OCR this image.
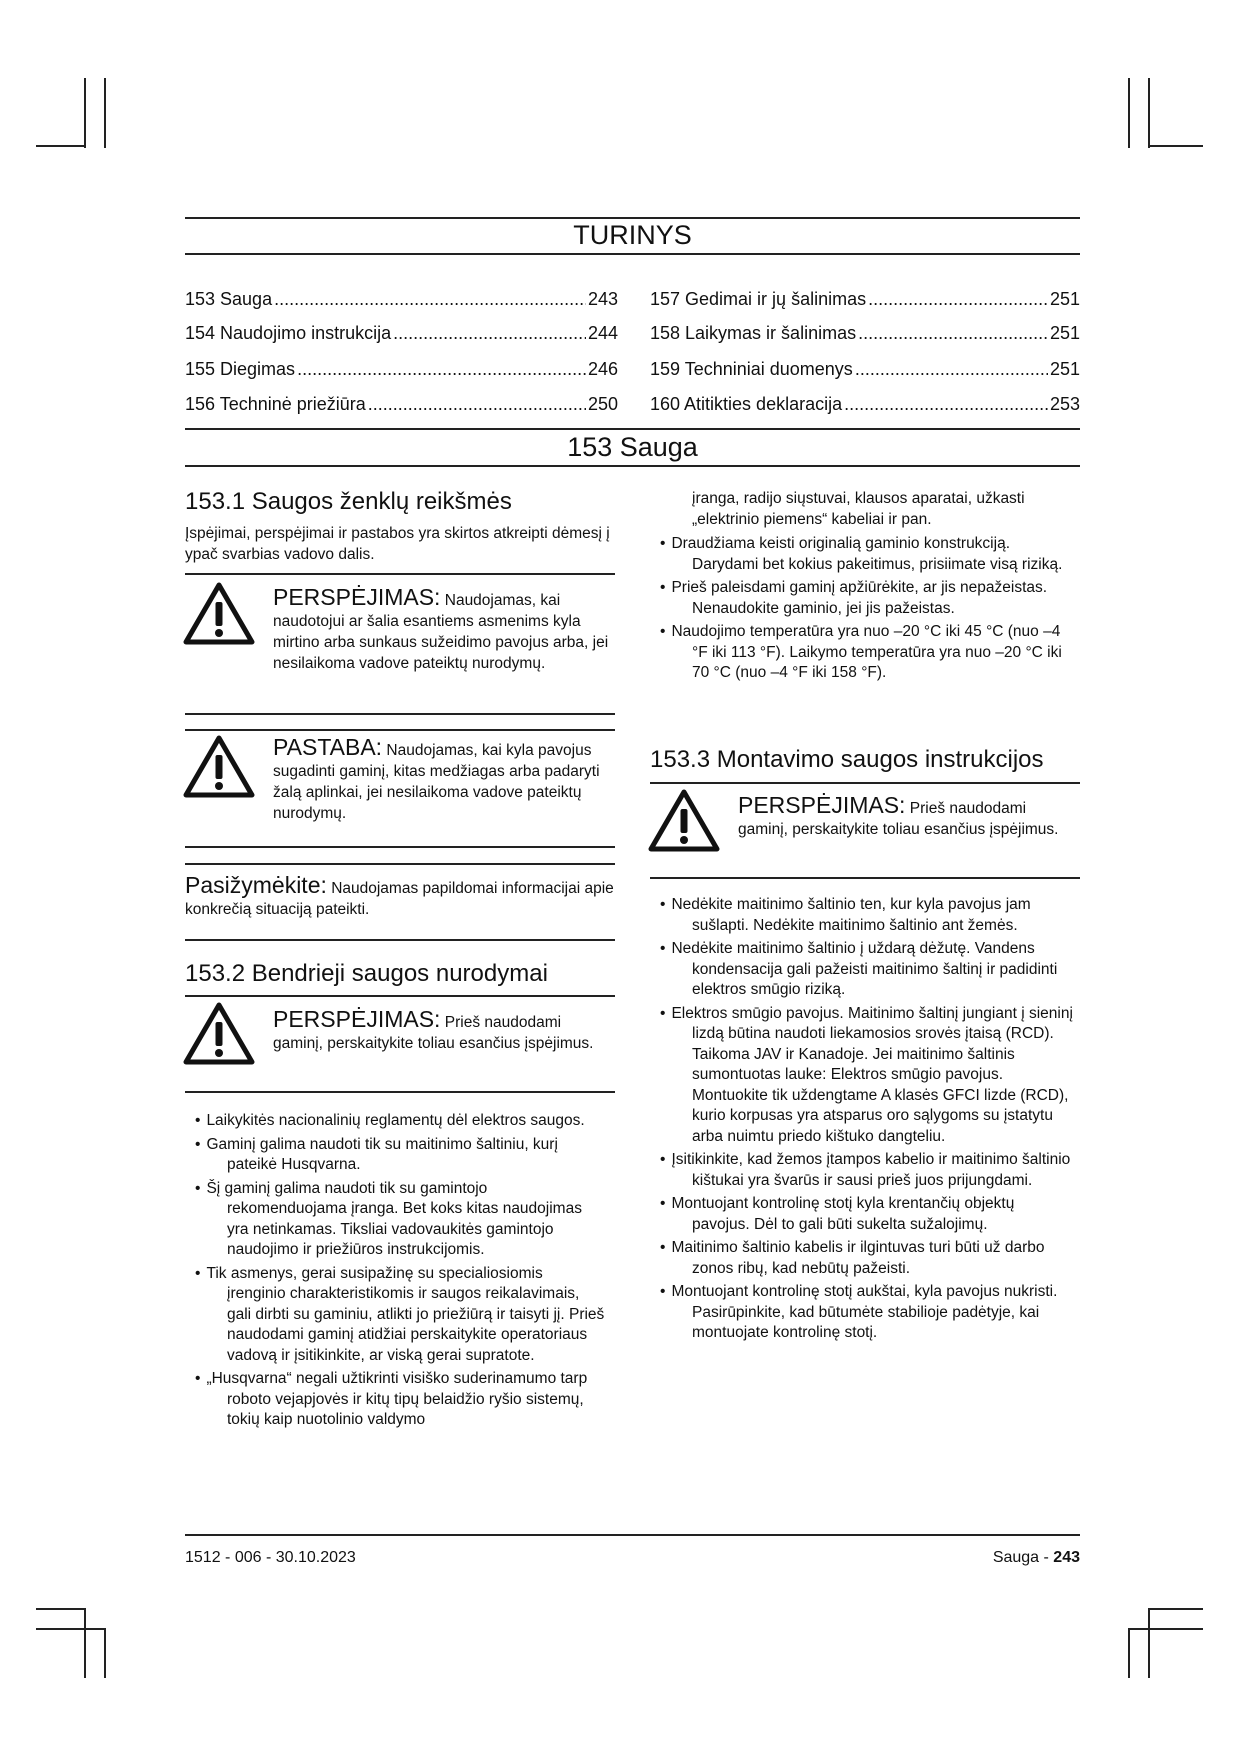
TURINYS
153 Sauga .....	243
154 Naudojimo instrukcija .....	244
155 Diegimas .....	246
156 Techninė priežiūra .....	250
157 Gedimai ir jų šalinimas .....	251
158 Laikymas ir šalinimas .....	251
159 Techniniai duomenys .....	251
160 Atitikties deklaracija .....	253
153 Sauga
153.1 Saugos ženklų reikšmės
Įspėjimai, perspėjimai ir pastabos yra skirtos atkreipti dėmesį į ypač svarbias vadovo dalis.
PERSPĖJIMAS: Naudojamas, kai naudotojui ar šalia esantiems asmenims kyla mirtino arba sunkaus sužeidimo pavojus arba, jei nesilaikoma vadove pateiktų nurodymų.
PASTABA: Naudojamas, kai kyla pavojus sugadinti gaminį, kitas medžiagas arba padaryti žalą aplinkai, jei nesilaikoma vadove pateiktų nurodymų.
Pasižymėkite: Naudojamas papildomai informacijai apie konkrečią situaciją pateikti.
153.2 Bendrieji saugos nurodymai
PERSPĖJIMAS: Prieš naudodami gaminį, perskaitykite toliau esančius įspėjimus.
• Laikykitės nacionalinių reglamentų dėl elektros saugos.
• Gaminį galima naudoti tik su maitinimo šaltiniu, kurį pateikė Husqvarna.
• Šį gaminį galima naudoti tik su gamintojo rekomenduojama įranga. Bet koks kitas naudojimas yra netinkamas. Tiksliai vadovaukitės gamintojo naudojimo ir priežiūros instrukcijomis.
• Tik asmenys, gerai susipažinę su specialiosiomis įrenginio charakteristikomis ir saugos reikalavimais, gali dirbti su gaminiu, atlikti jo priežiūrą ir taisyti jį. Prieš naudodami gaminį atidžiai perskaitykite operatoriaus vadovą ir įsitikinkite, ar viską gerai supratote.
• „Husqvarna“ negali užtikrinti visiško suderinamumo tarp roboto vejapjovės ir kitų tipų belaidžio ryšio sistemų, tokių kaip nuotolinio valdymo
įranga, radijo siųstuvai, klausos aparatai, užkasti „elektrinio piemens“ kabeliai ir pan.
• Draudžiama keisti originalią gaminio konstrukciją. Darydami bet kokius pakeitimus, prisiimate visą riziką.
• Prieš paleisdami gaminį apžiūrėkite, ar jis nepažeistas. Nenaudokite gaminio, jei jis pažeistas.
• Naudojimo temperatūra yra nuo –20 °C iki 45 °C (nuo –4 °F iki 113 °F). Laikymo temperatūra yra nuo –20 °C iki 70 °C (nuo –4 °F iki 158 °F).
153.3 Montavimo saugos instrukcijos
PERSPĖJIMAS: Prieš naudodami gaminį, perskaitykite toliau esančius įspėjimus.
• Nedėkite maitinimo šaltinio ten, kur kyla pavojus jam sušlapti. Nedėkite maitinimo šaltinio ant žemės.
• Nedėkite maitinimo šaltinio į uždarą dėžutę. Vandens kondensacija gali pažeisti maitinimo šaltinį ir padidinti elektros smūgio riziką.
• Elektros smūgio pavojus. Maitinimo šaltinį jungiant į sieninį lizdą būtina naudoti liekamosios srovės įtaisą (RCD). Taikoma JAV ir Kanadoje. Jei maitinimo šaltinis sumontuotas lauke: Elektros smūgio pavojus. Montuokite tik uždengtame A klasės GFCI lizde (RCD), kurio korpusas yra atsparus oro sąlygoms su įstatytu arba nuimtu priedo kištuko dangteliu.
• Įsitikinkite, kad žemos įtampos kabelio ir maitinimo šaltinio kištukai yra švarūs ir sausi prieš juos prijungdami.
• Montuojant kontrolinę stotį kyla krentančių objektų pavojus. Dėl to gali būti sukelta sužalojimų.
• Maitinimo šaltinio kabelis ir ilgintuvas turi būti už darbo zonos ribų, kad nebūtų pažeisti.
• Montuojant kontrolinę stotį aukštai, kyla pavojus nukristi. Pasirūpinkite, kad būtumėte stabilioje padėtyje, kai montuojate kontrolinę stotį.
1512 - 006 - 30.10.2023	Sauga - 243
